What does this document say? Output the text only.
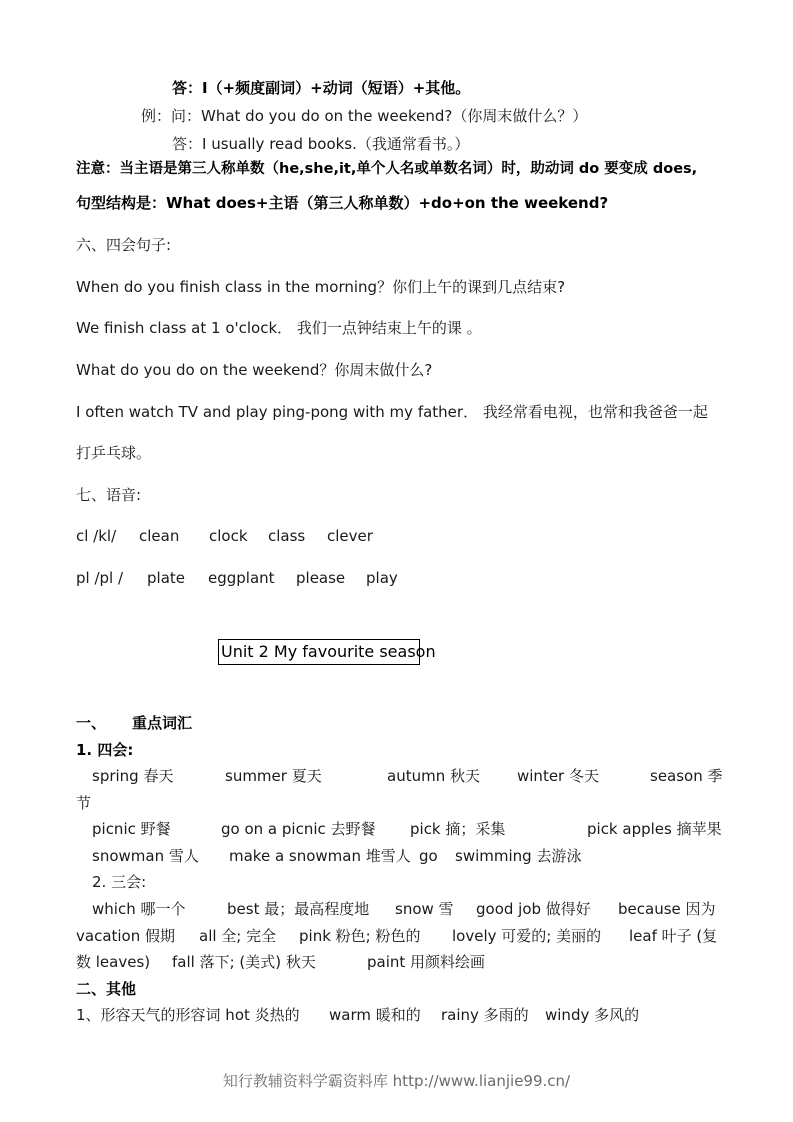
答：I（+频度副词）+动词（短语）+其他。
例：问：What do you do on the weekend?（你周末做什么？）
答：I usually read books.（我通常看书。）
注意：当主语是第三人称单数（he,she,it,单个人名或单数名词）时，助动词 do 要变成 does,
句型结构是：What does+主语（第三人称单数）+do+on the weekend?
六、四会句子:
When do you finish class in the morning？你们上午的课到几点结束?
We finish class at 1 o'clock． 我们一点钟结束上午的课 。
What do you do on the weekend？你周末做什么?
I often watch TV and play ping-pong with my father． 我经常看电视，也常和我爸爸一起
打乒乓球。
七、语音:
cl /kl/ clean clock class clever
pl /pl / plate eggplant please play
Unit 2 My favourite season
一、 重点词汇
1. 四会:
spring 春天	summer 夏天	autumn 秋天 winter 冬天	season 季
节
picnic 野餐	go on a picnic 去野餐 pick 摘；采集	pick apples 摘苹果
snowman 雪人 make a snowman 堆雪人 go swimming 去游泳
2. 三会:
which 哪一个	best 最；最高程度地 snow 雪 good job 做得好 because 因为
vacation 假期 all 全; 完全 pink 粉色; 粉色的 lovely 可爱的; 美丽的 leaf 叶子 (复
数 leaves) fall 落下; (美式) 秋天	paint 用颜料绘画
二、其他
1、形容天气的形容词 hot 炎热的 warm 暖和的 rainy 多雨的 windy 多风的
知行教辅资料学霸资料库 http://www.lianjie99.cn/
